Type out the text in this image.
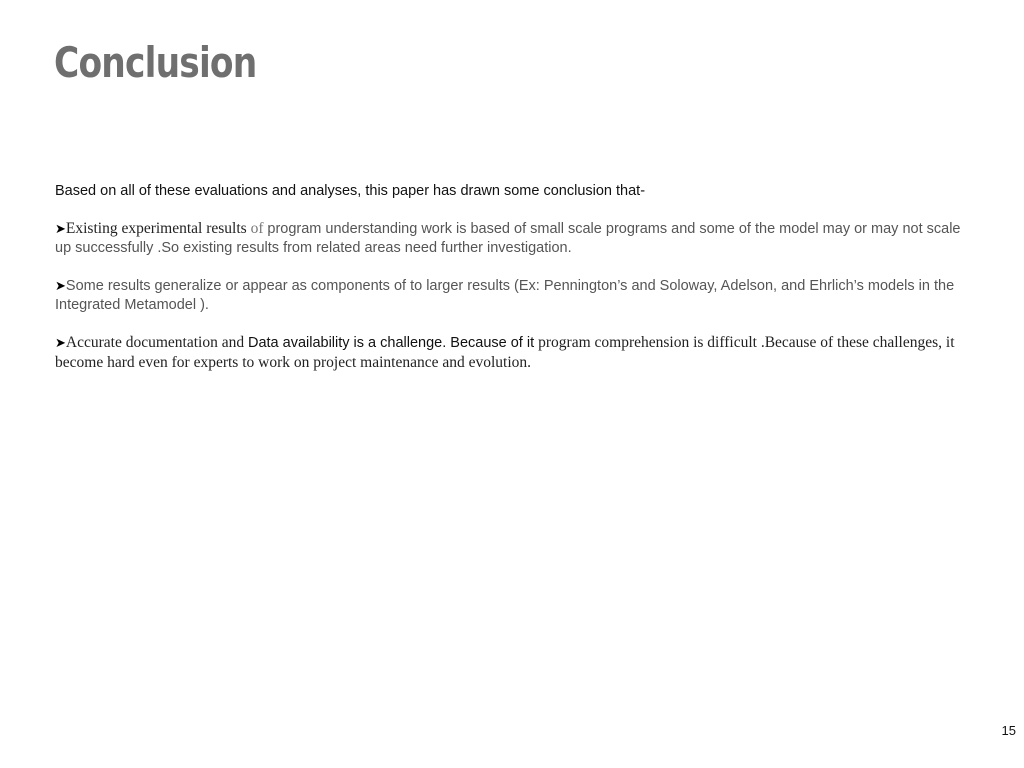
Conclusion

Based on all of these evaluations and analyses, this paper has drawn some conclusion that-

➤Existing experimental results of program understanding work is based of small scale programs and some of the model may or may not scale up successfully .So existing results from related areas need further investigation.

➤Some results generalize or appear as components of to larger results (Ex: Pennington’s and Soloway, Adelson, and Ehrlich’s models in the Integrated Metamodel ).

➤Accurate documentation and Data availability is a challenge. Because of it program comprehension is difficult .Because of these challenges, it become hard even for experts to work on project maintenance and evolution.

15
